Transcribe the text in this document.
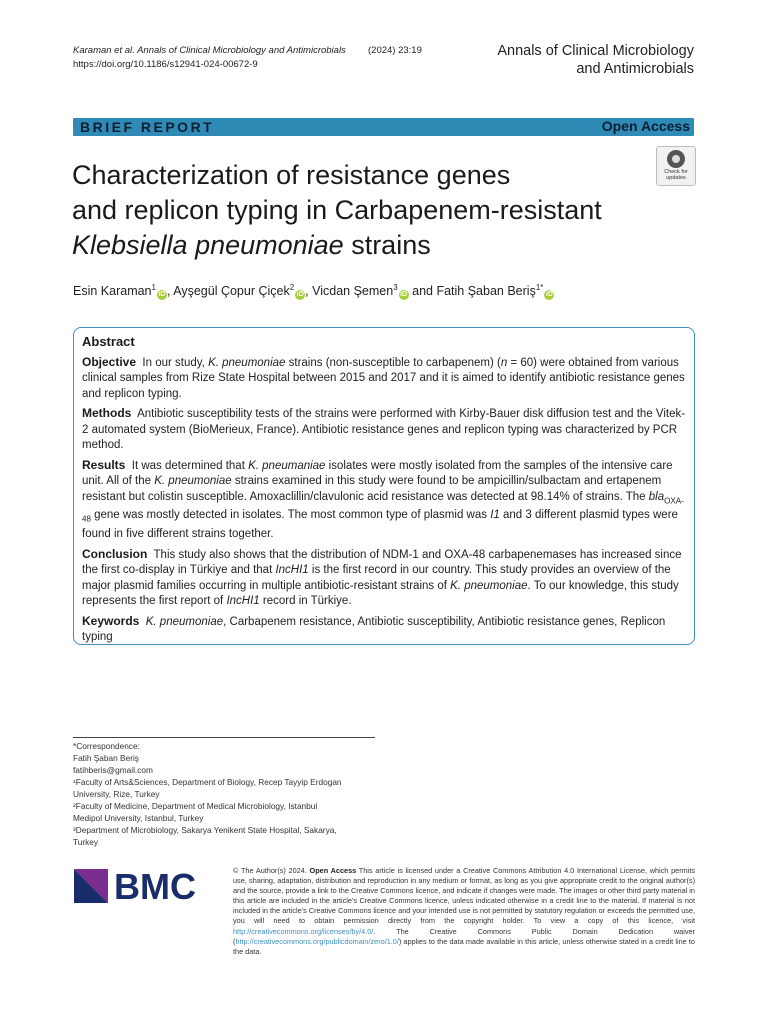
Karaman et al. Annals of Clinical Microbiology and Antimicrobials (2024) 23:19
https://doi.org/10.1186/s12941-024-00672-9
Annals of Clinical Microbiology
and Antimicrobials
BRIEF REPORT	Open Access
Characterization of resistance genes
and replicon typing in Carbapenem-resistant
Klebsiella pneumoniae strains
Check for
updates
Esin Karaman$^1$iD , Ayşegül Çopur Çiçek$^2$iD , Vicdan Şemen$^3$iD and Fatih Şaban Beriş$^{1*}$iD
Abstract

Objective In our study, K. pneumoniae strains (non-susceptible to carbapenem) (n = 60) were obtained from various clinical samples from Rize State Hospital between 2015 and 2017 and it is aimed to identify antibiotic resistance genes and replicon typing.

Methods Antibiotic susceptibility tests of the strains were performed with Kirby-Bauer disk diffusion test and the Vitek-2 automated system (BioMerieux, France). Antibiotic resistance genes and replicon typing was characterized by PCR method.

Results It was determined that K. pneumaniae isolates were mostly isolated from the samples of the intensive care unit. All of the K. pneumoniae strains examined in this study were found to be ampicillin/sulbactam and ertapenem resistant but colistin susceptible. Amoxaclillin/clavulonic acid resistance was detected at 98.14% of strains. The bla$_{OXA-48}$ gene was mostly detected in isolates. The most common type of plasmid was I1 and 3 different plasmid types were found in five different strains together.

Conclusion This study also shows that the distribution of NDM-1 and OXA-48 carbapenemases has increased since the first co-display in Türkiye and that IncHI1 is the first record in our country. This study provides an overview of the major plasmid families occurring in multiple antibiotic-resistant strains of K. pneumoniae. To our knowledge, this study represents the first report of IncHI1 record in Türkiye.

Keywords K. pneumoniae, Carbapenem resistance, Antibiotic susceptibility, Antibiotic resistance genes, Replicon typing

*Correspondence:
Fatih Şaban Beriş
fatihberis@gmail.com
¹Faculty of Arts&Sciences, Department of Biology, Recep Tayyip Erdogan
University, Rize, Turkey
²Faculty of Medicine, Department of Medical Microbiology, Istanbul
Medipol University, Istanbul, Turkey
³Department of Microbiology, Sakarya Yenikent State Hospital, Sakarya,
Turkey
BMC	© The Author(s) 2024. Open Access This article is licensed under a Creative Commons Attribution 4.0 International License, which permits use, sharing, adaptation, distribution and reproduction in any medium or format, as long as you give appropriate credit to the original author(s) and the source, provide a link to the Creative Commons licence, and indicate if changes were made. The images or other third party material in this article are included in the article's Creative Commons licence, unless indicated otherwise in a credit line to the material. If material is not included in the article's Creative Commons licence and your intended use is not permitted by statutory regulation or exceeds the permitted use, you will need to obtain permission directly from the copyright holder. To view a copy of this licence, visit http://creativecommons.org/licenses/by/4.0/. The Creative Commons Public Domain Dedication waiver (http://creativecommons.org/publicdomain/zero/1.0/) applies to the data made available in this article, unless otherwise stated in a credit line to the data.
